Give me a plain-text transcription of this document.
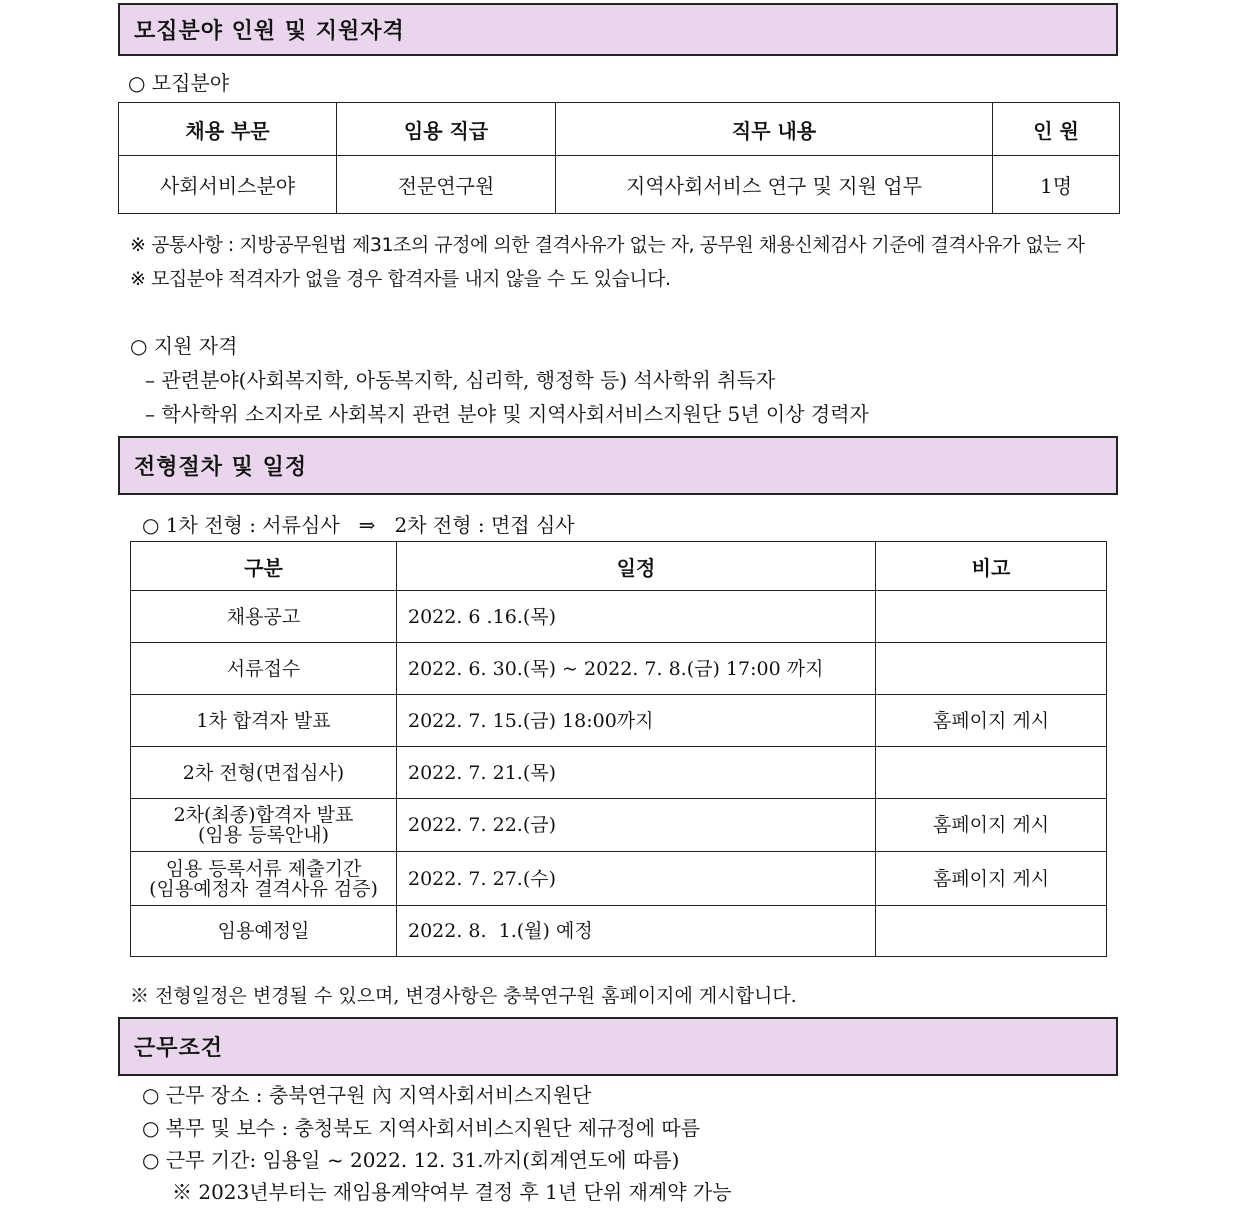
모집분야 인원 및 지원자격
○ 모집분야
채용 부문	임용 직급	직무 내용	인 원
사회서비스분야	전문연구원	지역사회서비스 연구 및 지원 업무	1명
※ 공통사항 : 지방공무원법 제31조의 규정에 의한 결격사유가 없는 자, 공무원 채용신체검사 기준에 결격사유가 없는 자
※ 모집분야 적격자가 없을 경우 합격자를 내지 않을 수 도 있습니다.
○ 지원 자격
– 관련분야(사회복지학, 아동복지학, 심리학, 행정학 등) 석사학위 취득자
– 학사학위 소지자로 사회복지 관련 분야 및 지역사회서비스지원단 5년 이상 경력자
전형절차 및 일정
○ 1차 전형 : 서류심사   ⇒   2차 전형 : 면접 심사
구분	일정	비고

채용공고	2022. 6 .16.(목)	

서류접수	2022. 6. 30.(목) ~ 2022. 7. 8.(금) 17:00 까지	

1차 합격자 발표	2022. 7. 15.(금) 18:00까지	홈페이지 게시

2차 전형(면접심사)	2022. 7. 21.(목)	

2차(최종)합격자 발표
(임용 등록안내)	2022. 7. 22.(금)	홈페이지 게시

임용 등록서류 제출기간
(임용예정자 결격사유 검증)	2022. 7. 27.(수)	홈페이지 게시

임용예정일	2022. 8.  1.(월) 예정	
※ 전형일정은 변경될 수 있으며, 변경사항은 충북연구원 홈페이지에 게시합니다.
근무조건
○ 근무 장소 : 충북연구원 內 지역사회서비스지원단
○ 복무 및 보수 : 충청북도 지역사회서비스지원단 제규정에 따름
○ 근무 기간: 임용일 ~ 2022. 12. 31.까지(회계연도에 따름)
※ 2023년부터는 재임용계약여부 결정 후 1년 단위 재계약 가능
